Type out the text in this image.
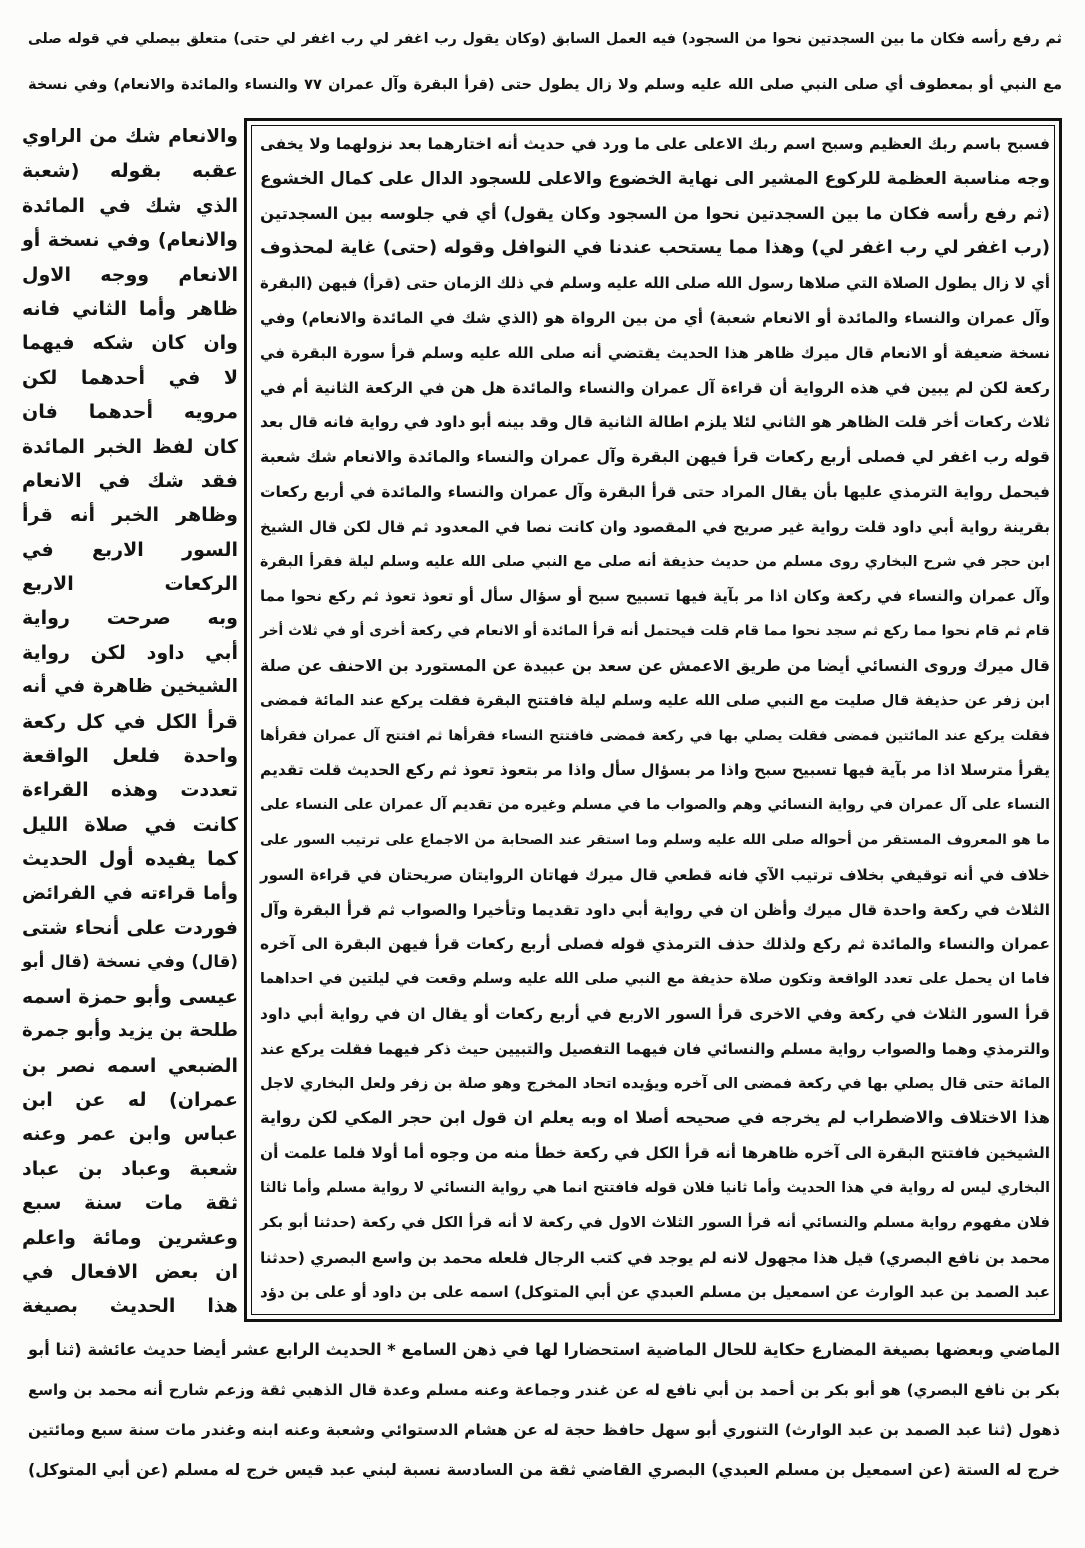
ثم رفع رأسه فكان ما بين السجدتين نحوا من السجود) فيه العمل السابق (وكان يقول رب اغفر لي رب اغفر لي حتى) متعلق بيصلي في قوله صلى
مع النبي أو بمعطوف أي صلى النبي صلى الله عليه وسلم ولا زال يطول حتى (قرأ البقرة وآل عمران ٧٧ والنساء والمائدة والانعام) وفي نسخة
فسبح باسم ربك العظيم وسبح اسم ربك الاعلى على ما ورد في حديث أنه اختارهما بعد نزولهما ولا يخفى
وجه مناسبة العظمة للركوع المشير الى نهاية الخضوع والاعلى للسجود الدال على كمال الخشوع
(ثم رفع رأسه فكان ما بين السجدتين نحوا من السجود وكان يقول) أي في جلوسه بين السجدتين
(رب اغفر لي رب اغفر لي) وهذا مما يستحب عندنا في النوافل وقوله (حتى) غاية لمحذوف
أي لا زال يطول الصلاة التي صلاها رسول الله صلى الله عليه وسلم في ذلك الزمان حتى (قرأ) فيهن (البقرة
وآل عمران والنساء والمائدة أو الانعام شعبة) أي من بين الرواة هو (الذي شك في المائدة والانعام) وفي
نسخة ضعيفة أو الانعام قال ميرك ظاهر هذا الحديث يقتضي أنه صلى الله عليه وسلم قرأ سورة البقرة في
ركعة لكن لم يبين في هذه الرواية أن قراءة آل عمران والنساء والمائدة هل هن في الركعة الثانية أم في
ثلاث ركعات أخر قلت الظاهر هو الثاني لئلا يلزم اطالة الثانية قال وقد بينه أبو داود في رواية فانه قال بعد
قوله رب اغفر لي فصلى أربع ركعات قرأ فيهن البقرة وآل عمران والنساء والمائدة والانعام شك شعبة
فيحمل رواية الترمذي عليها بأن يقال المراد حتى قرأ البقرة وآل عمران والنساء والمائدة في أربع ركعات
بقرينة رواية أبي داود قلت رواية غير صريح في المقصود وان كانت نصا في المعدود ثم قال لكن قال الشيخ
ابن حجر في شرح البخاري روى مسلم من حديث حذيفة أنه صلى مع النبي صلى الله عليه وسلم ليلة فقرأ البقرة
وآل عمران والنساء في ركعة وكان اذا مر بآية فيها تسبيح سبح أو سؤال سأل أو تعوذ تعوذ ثم ركع نحوا مما
قام ثم قام نحوا مما ركع ثم سجد نحوا مما قام قلت فيحتمل أنه قرأ المائدة أو الانعام في ركعة أخرى أو في ثلاث أخر
قال ميرك وروى النسائي أيضا من طريق الاعمش عن سعد بن عبيدة عن المستورد بن الاحنف عن صلة
ابن زفر عن حذيفة قال صليت مع النبي صلى الله عليه وسلم ليلة فافتتح البقرة فقلت يركع عند المائة فمضى
فقلت يركع عند المائتين فمضى فقلت يصلي بها في ركعة فمضى فافتتح النساء فقرأها ثم افتتح آل عمران فقرأها
يقرأ مترسلا اذا مر بآية فيها تسبيح سبح واذا مر بسؤال سأل واذا مر بتعوذ تعوذ ثم ركع الحديث قلت تقديم
النساء على آل عمران في رواية النسائي وهم والصواب ما في مسلم وغيره من تقديم آل عمران على النساء على
ما هو المعروف المستقر من أحواله صلى الله عليه وسلم وما استقر عند الصحابة من الاجماع على ترتيب السور على
خلاف في أنه توقيفي بخلاف ترتيب الآي فانه قطعي قال ميرك فهاتان الروايتان صريحتان في قراءة السور
الثلاث في ركعة واحدة قال ميرك وأظن ان في رواية أبي داود تقديما وتأخيرا والصواب ثم قرأ البقرة وآل
عمران والنساء والمائدة ثم ركع ولذلك حذف الترمذي قوله فصلى أربع ركعات قرأ فيهن البقرة الى آخره
فاما ان يحمل على تعدد الواقعة وتكون صلاة حذيفة مع النبي صلى الله عليه وسلم وقعت في ليلتين في احداهما
قرأ السور الثلاث في ركعة وفي الاخرى قرأ السور الاربع في أربع ركعات أو يقال ان في رواية أبي داود
والترمذي وهما والصواب رواية مسلم والنسائي فان فيهما التفصيل والتبيين حيث ذكر فيهما فقلت يركع عند
المائة حتى قال يصلي بها في ركعة فمضى الى آخره ويؤيده اتحاد المخرج وهو صلة بن زفر ولعل البخاري لاجل
هذا الاختلاف والاضطراب لم يخرجه في صحيحه أصلا اه وبه يعلم ان قول ابن حجر المكي لكن رواية
الشيخين فافتتح البقرة الى آخره ظاهرها أنه قرأ الكل في ركعة خطأ منه من وجوه أما أولا فلما علمت أن
البخاري ليس له رواية في هذا الحديث وأما ثانيا فلان قوله فافتتح انما هي رواية النسائي لا رواية مسلم وأما ثالثا
فلان مفهوم رواية مسلم والنسائي أنه قرأ السور الثلاث الاول في ركعة لا أنه قرأ الكل في ركعة (حدثنا أبو بكر
محمد بن نافع البصري) قيل هذا مجهول لانه لم يوجد في كتب الرجال فلعله محمد بن واسع البصري (حدثنا
عبد الصمد بن عبد الوارث عن اسمعيل بن مسلم العبدي عن أبي المتوكل) اسمه على بن داود أو على بن دؤد
والانعام شك من الراوي
عقبه بقوله (شعبة
الذي شك في المائدة
والانعام) وفي نسخة أو
الانعام ووجه الاول
ظاهر وأما الثاني فانه
وان كان شكه فيهما
لا في أحدهما لكن
مرويه أحدهما فان
كان لفظ الخبر المائدة
فقد شك في الانعام
وظاهر الخبر أنه قرأ
السور الاربع في
الركعات الاربع
وبه صرحت رواية
أبي داود لكن رواية
الشيخين ظاهرة في أنه
قرأ الكل في كل ركعة
واحدة فلعل الواقعة
تعددت وهذه القراءة
كانت في صلاة الليل
كما يفيده أول الحديث
وأما قراءته في الفرائض
فوردت على أنحاء شتى
(قال) وفي نسخة (قال أبو
عيسى وأبو حمزة اسمه
طلحة بن يزيد وأبو جمرة
الضبعي اسمه نصر بن
عمران) له عن ابن
عباس وابن عمر وعنه
شعبة وعباد بن عباد
ثقة مات سنة سبع
وعشرين ومائة واعلم
ان بعض الافعال في
هذا الحديث بصيغة
الماضي وبعضها بصيغة المضارع حكاية للحال الماضية استحضارا لها في ذهن السامع * الحديث الرابع عشر أيضا حديث عائشة (ثنا أبو
بكر بن نافع البصري) هو أبو بكر بن أحمد بن أبي نافع له عن غندر وجماعة وعنه مسلم وعدة قال الذهبي ثقة وزعم شارح أنه محمد بن واسع
ذهول (ثنا عبد الصمد بن عبد الوارث) التنوري أبو سهل حافظ حجة له عن هشام الدستوائي وشعبة وعنه ابنه وغندر مات سنة سبع ومائتين
خرج له الستة (عن اسمعيل بن مسلم العبدي) البصري القاضي ثقة من السادسة نسبة لبني عبد قيس خرج له مسلم (عن أبي المتوكل)
